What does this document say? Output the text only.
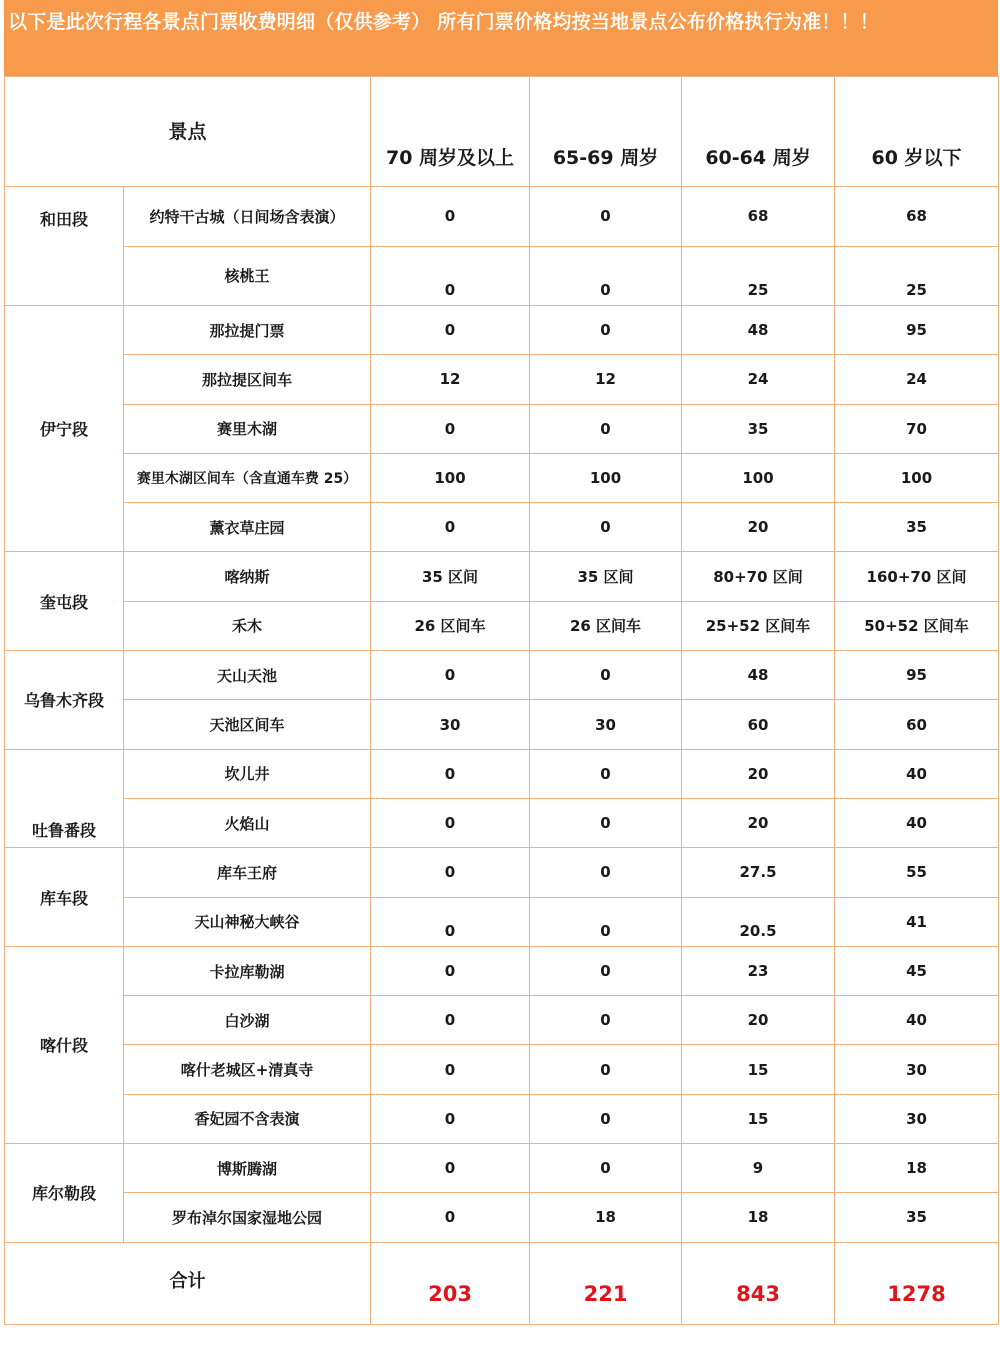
以下是此次行程各景点门票收费明细（仅供参考） 所有门票价格均按当地景点公布价格执行为准！！！
景点		70 周岁及以上	65-69 周岁	60-64 周岁	60 岁以下
和田段	约特干古城（日间场含表演）	0	0	68	68
	核桃王	0	0	25	25
伊宁段	那拉提门票	0	0	48	95
	那拉提区间车	12	12	24	24
	赛里木湖	0	0	35	70
	赛里木湖区间车（含直通车费 25）	100	100	100	100
	薰衣草庄园	0	0	20	35
奎屯段	喀纳斯	35 区间	35 区间	80+70 区间	160+70 区间
	禾木	26 区间车	26 区间车	25+52 区间车	50+52 区间车
乌鲁木齐段	天山天池	0	0	48	95
	天池区间车	30	30	60	60
吐鲁番段	坎儿井	0	0	20	40
	火焰山	0	0	20	40
库车段	库车王府	0	0	27.5	55
	天山神秘大峡谷	0	0	20.5	41
喀什段	卡拉库勒湖	0	0	23	45
	白沙湖	0	0	20	40
	喀什老城区+清真寺	0	0	15	30
	香妃园不含表演	0	0	15	30
库尔勒段	博斯腾湖	0	0	9	18
	罗布淖尔国家湿地公园	0	18	18	35
合计		203	221	843	1278
